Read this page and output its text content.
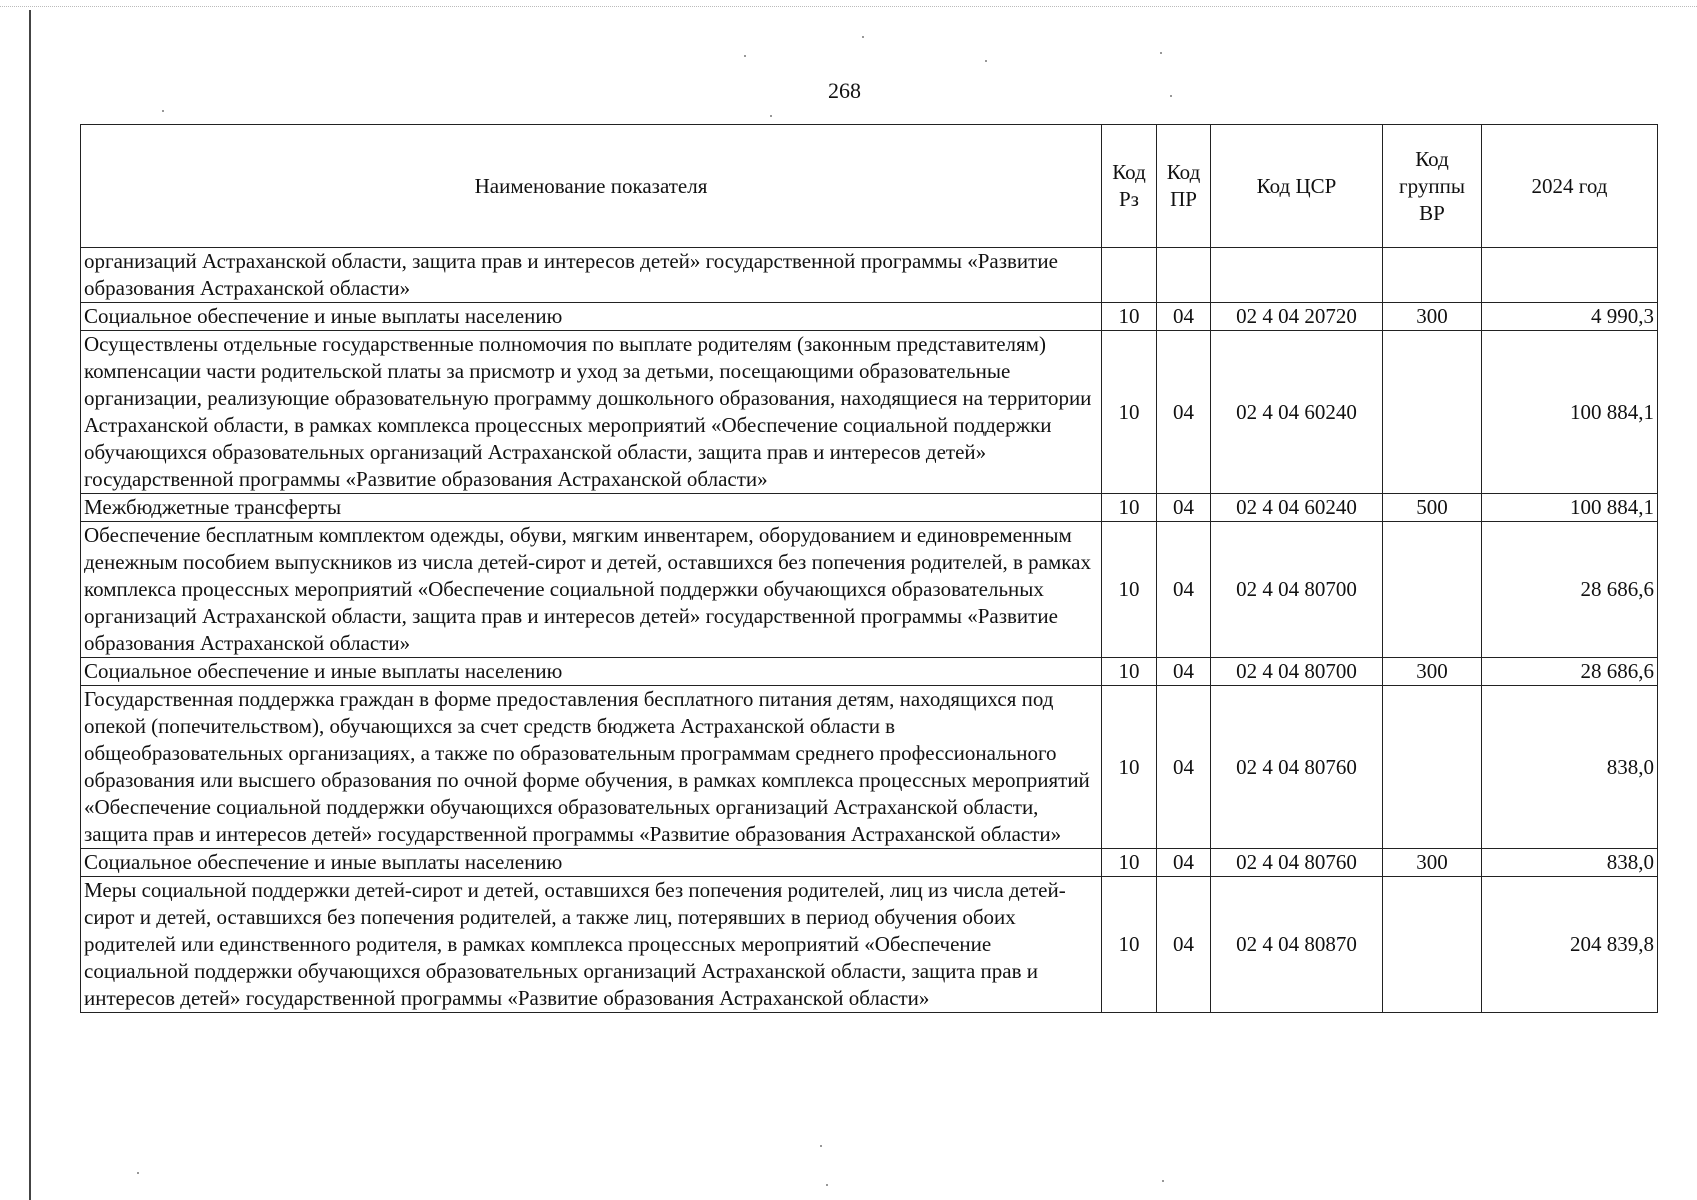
268
Наименование показателя	Код Рз	Код ПР	Код ЦСР	Код группы ВР	2024 год
организаций Астраханской области, защита прав и интересов детей» государственной программы «Развитие образования Астраханской области»					
Социальное обеспечение и иные выплаты населению	10	04	02 4 04 20720	300	4 990,3
Осуществлены отдельные государственные полномочия по выплате родителям (законным представителям) компенсации части родительской платы за присмотр и уход за детьми, посещающими образовательные организации, реализующие образовательную программу дошкольного образования, находящиеся на территории Астраханской области, в рамках комплекса процессных мероприятий «Обеспечение социальной поддержки обучающихся образовательных организаций Астраханской области, защита прав и интересов детей» государственной программы «Развитие образования Астраханской области»	10	04	02 4 04 60240		100 884,1
Межбюджетные трансферты	10	04	02 4 04 60240	500	100 884,1
Обеспечение бесплатным комплектом одежды, обуви, мягким инвентарем, оборудованием и единовременным денежным пособием выпускников из числа детей-сирот и детей, оставшихся без попечения родителей, в рамках комплекса процессных мероприятий «Обеспечение социальной поддержки обучающихся образовательных организаций Астраханской области, защита прав и интересов детей» государственной программы «Развитие образования Астраханской области»	10	04	02 4 04 80700		28 686,6
Социальное обеспечение и иные выплаты населению	10	04	02 4 04 80700	300	28 686,6
Государственная поддержка граждан в форме предоставления бесплатного питания детям, находящихся под опекой (попечительством), обучающихся за счет средств бюджета Астраханской области в общеобразовательных организациях, а также по образовательным программам среднего профессионального образования или высшего образования по очной форме обучения, в рамках комплекса процессных мероприятий «Обеспечение социальной поддержки обучающихся образовательных организаций Астраханской области, защита прав и интересов детей» государственной программы «Развитие образования Астраханской области»	10	04	02 4 04 80760		838,0
Социальное обеспечение и иные выплаты населению	10	04	02 4 04 80760	300	838,0
Меры социальной поддержки детей-сирот и детей, оставшихся без попечения родителей, лиц из числа детей-сирот и детей, оставшихся без попечения родителей, а также лиц, потерявших в период обучения обоих родителей или единственного родителя, в рамках комплекса процессных мероприятий «Обеспечение социальной поддержки обучающихся образовательных организаций Астраханской области, защита прав и интересов детей» государственной программы «Развитие образования Астраханской области»	10	04	02 4 04 80870		204 839,8
